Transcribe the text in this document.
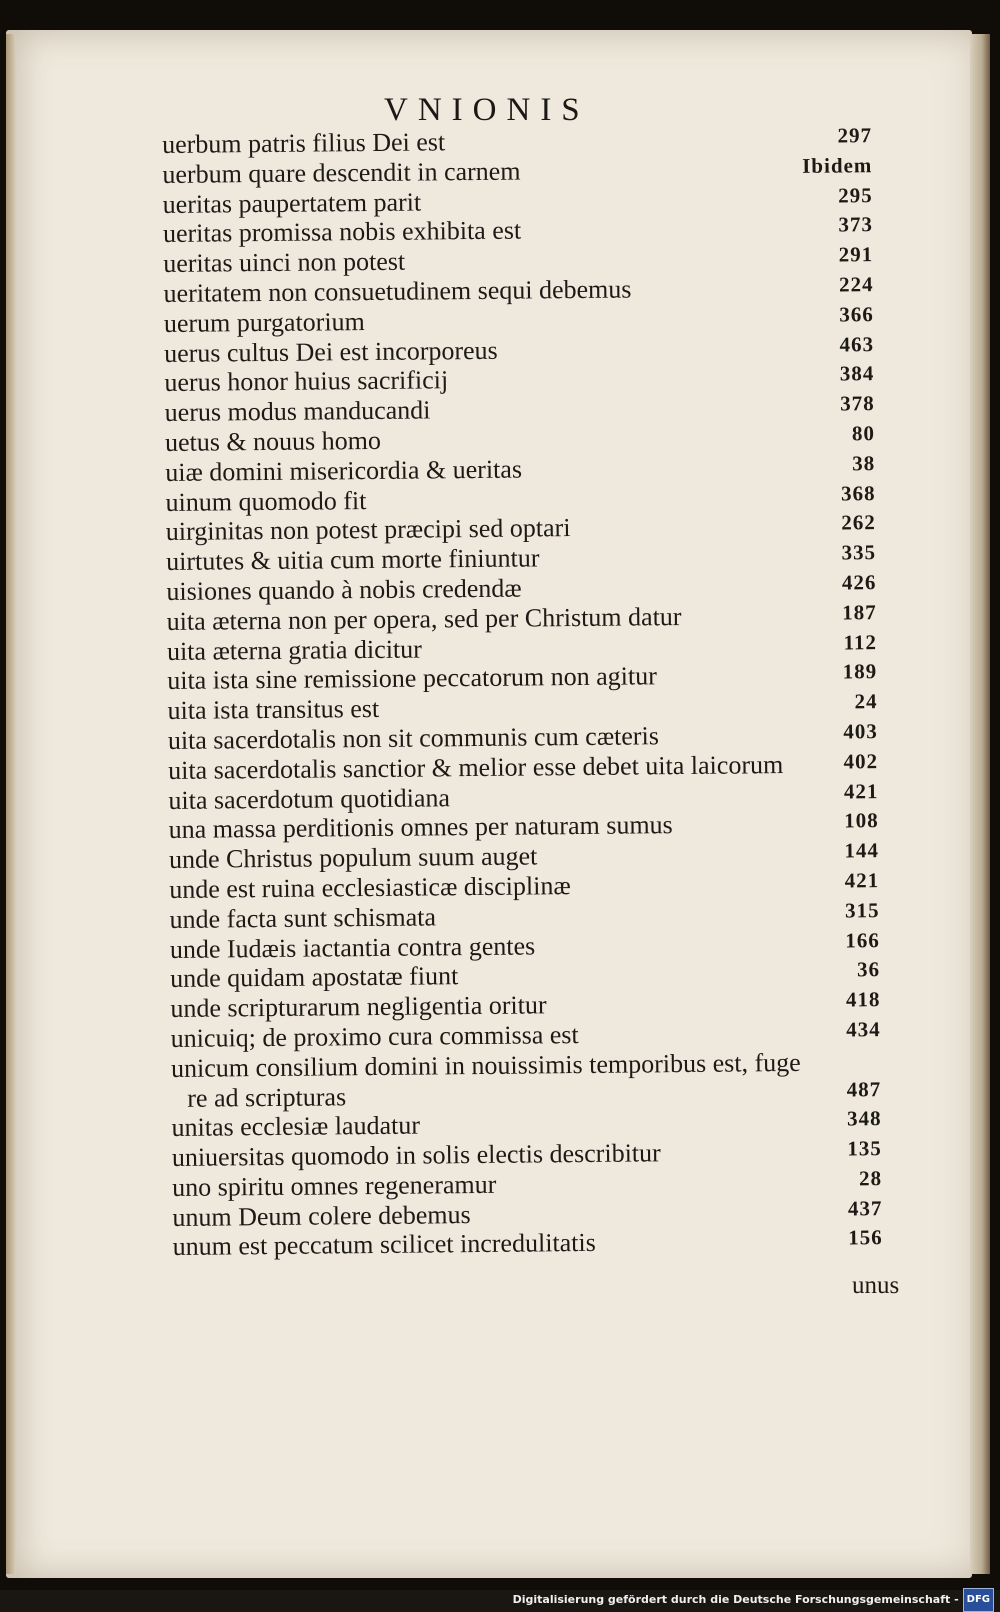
VNIONIS
uerbum patris filius Dei est	297
uerbum quare descendit in carnem	Ibidem
ueritas paupertatem parit	295
ueritas promissa nobis exhibita est	373
ueritas uinci non potest	291
ueritatem non consuetudinem sequi debemus	224
uerum purgatorium	366
uerus cultus Dei est incorporeus	463
uerus honor huius sacrificij	384
uerus modus manducandi	378
uetus & nouus homo	80
uiæ domini misericordia & ueritas	38
uinum quomodo fit	368
uirginitas non potest præcipi sed optari	262
uirtutes & uitia cum morte finiuntur	335
uisiones quando à nobis credendæ	426
uita æterna non per opera, sed per Christum datur	187
uita æterna gratia dicitur	112
uita ista sine remissione peccatorum non agitur	189
uita ista transitus est	24
uita sacerdotalis non sit communis cum cæteris	403
uita sacerdotalis sanctior & melior esse debet uita laicorum	402
uita sacerdotum quotidiana	421
una massa perditionis omnes per naturam sumus	108
unde Christus populum suum auget	144
unde est ruina ecclesiasticæ disciplinæ	421
unde facta sunt schismata	315
unde Iudæis iactantia contra gentes	166
unde quidam apostatæ fiunt	36
unde scripturarum negligentia oritur	418
unicuiq; de proximo cura commissa est	434
unicum consilium domini in nouissimis temporibus est, fuge
re ad scripturas	487
unitas ecclesiæ laudatur	348
uniuersitas quomodo in solis electis describitur	135
uno spiritu omnes regeneramur	28
unum Deum colere debemus	437
unum est peccatum scilicet incredulitatis	156
unus
Digitalisierung gefördert durch die Deutsche Forschungsgemeinschaft - DFG
